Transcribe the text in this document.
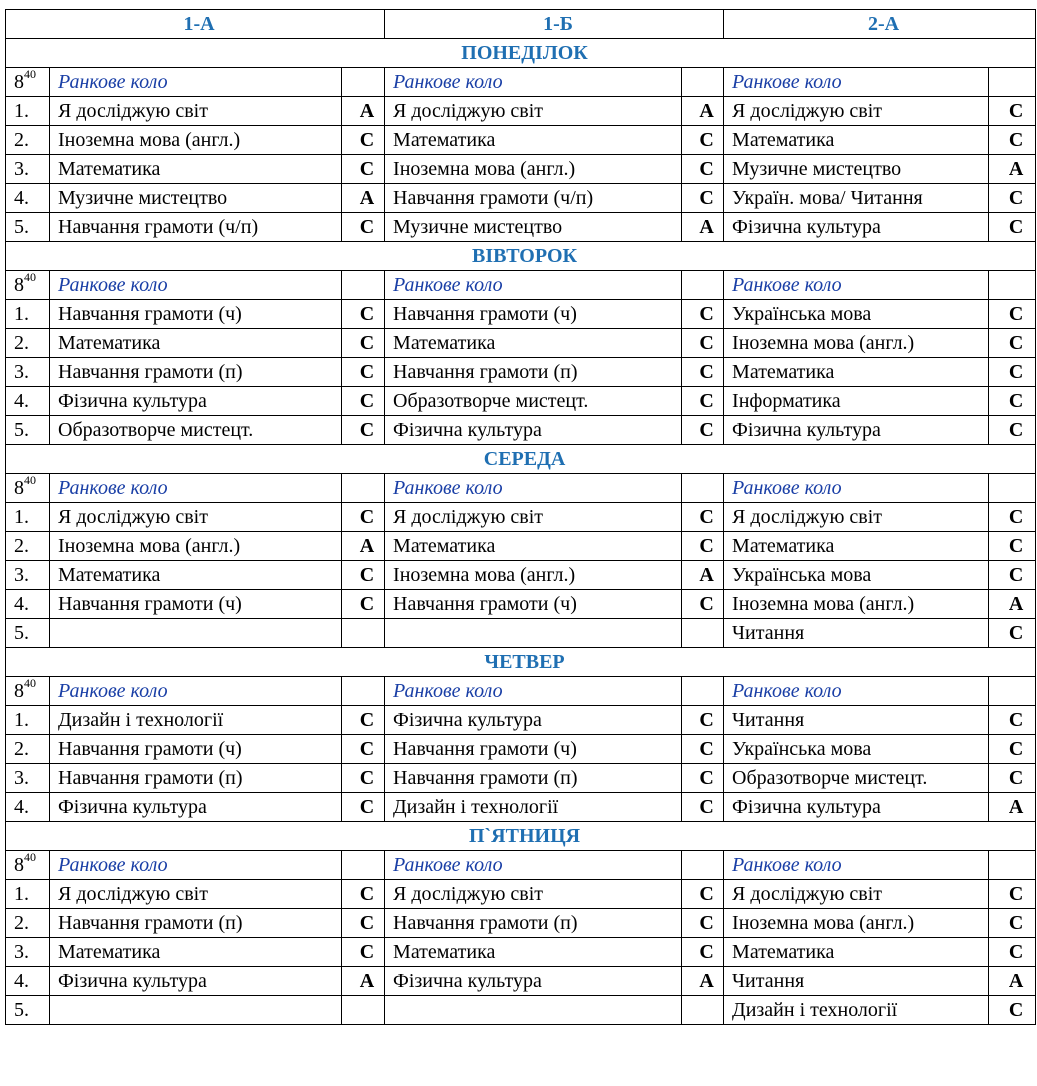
1-А			1-Б		2-А	
ПОНЕДІЛОК						
$8^{40}$	Ранкове коло		Ранкове коло		Ранкове коло	
1.	Я досліджую світ	А	Я досліджую світ	А	Я досліджую світ	С
2.	Іноземна мова (англ.)	С	Математика	С	Математика	С
3.	Математика	С	Іноземна мова (англ.)	С	Музичне мистецтво	А
4.	Музичне мистецтво	А	Навчання грамоти (ч/п)	С	Україн. мова/ Читання	С
5.	Навчання грамоти (ч/п)	С	Музичне мистецтво	А	Фізична культура	С
ВІВТОРОК						
$8^{40}$	Ранкове коло		Ранкове коло		Ранкове коло	
1.	Навчання грамоти (ч)	С	Навчання грамоти (ч)	С	Українська мова	С
2.	Математика	С	Математика	С	Іноземна мова (англ.)	С
3.	Навчання грамоти (п)	С	Навчання грамоти (п)	С	Математика	С
4.	Фізична культура	С	Образотворче мистецт.	С	Інформатика	С
5.	Образотворче мистецт.	С	Фізична культура	С	Фізична культура	С
СЕРЕДА						
$8^{40}$	Ранкове коло		Ранкове коло		Ранкове коло	
1.	Я досліджую світ	С	Я досліджую світ	С	Я досліджую світ	С
2.	Іноземна мова (англ.)	А	Математика	С	Математика	С
3.	Математика	С	Іноземна мова (англ.)	А	Українська мова	С
4.	Навчання грамоти (ч)	С	Навчання грамоти (ч)	С	Іноземна мова (англ.)	А
5.					Читання	С
ЧЕТВЕР						
$8^{40}$	Ранкове коло		Ранкове коло		Ранкове коло	
1.	Дизайн і технології	С	Фізична культура	С	Читання	С
2.	Навчання грамоти (ч)	С	Навчання грамоти (ч)	С	Українська мова	С
3.	Навчання грамоти (п)	С	Навчання грамоти (п)	С	Образотворче мистецт.	С
4.	Фізична культура	С	Дизайн і технології	С	Фізична культура	А
П`ЯТНИЦЯ						
$8^{40}$	Ранкове коло		Ранкове коло		Ранкове коло	
1.	Я досліджую світ	С	Я досліджую світ	С	Я досліджую світ	С
2.	Навчання грамоти (п)	С	Навчання грамоти (п)	С	Іноземна мова (англ.)	С
3.	Математика	С	Математика	С	Математика	С
4.	Фізична культура	А	Фізична культура	А	Читання	А
5.					Дизайн і технології	С
